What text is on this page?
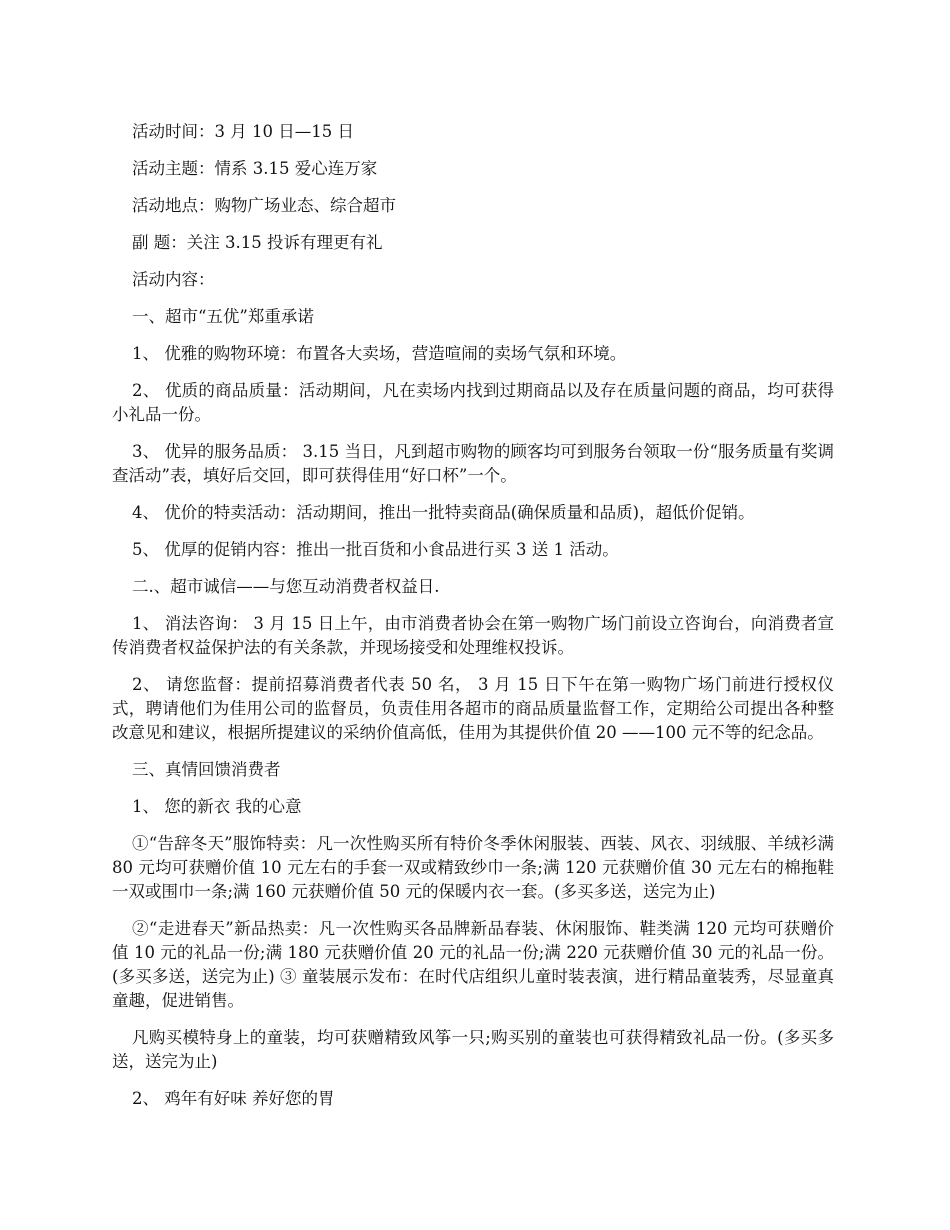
活动时间：3 月 10 日—15 日

活动主题：情系 3.15 爱心连万家

活动地点：购物广场业态、综合超市

副 题：关注 3.15 投诉有理更有礼

活动内容：

一、超市“五优”郑重承诺

1、 优雅的购物环境：布置各大卖场，营造喧闹的卖场气氛和环境。

2、 优质的商品质量：活动期间，凡在卖场内找到过期商品以及存在质量问题的商品，均可获得小礼品一份。

3、 优异的服务品质： 3.15 当日，凡到超市购物的顾客均可到服务台领取一份“服务质量有奖调查活动”表，填好后交回，即可获得佳用“好口杯”一个。

4、 优价的特卖活动：活动期间，推出一批特卖商品(确保质量和品质)，超低价促销。

5、 优厚的促销内容：推出一批百货和小食品进行买 3 送 1 活动。

二.、超市诚信——与您互动消费者权益日.

1、 消法咨询： 3 月 15 日上午，由市消费者协会在第一购物广场门前设立咨询台，向消费者宣传消费者权益保护法的有关条款，并现场接受和处理维权投诉。

2、 请您监督：提前招募消费者代表 50 名， 3 月 15 日下午在第一购物广场门前进行授权仪式，聘请他们为佳用公司的监督员，负责佳用各超市的商品质量监督工作，定期给公司提出各种整改意见和建议，根据所提建议的采纳价值高低，佳用为其提供价值 20 ——100 元不等的纪念品。

三、真情回馈消费者

1、 您的新衣 我的心意

①“告辞冬天”服饰特卖：凡一次性购买所有特价冬季休闲服装、西装、风衣、羽绒服、羊绒衫满 80 元均可获赠价值 10 元左右的手套一双或精致纱巾一条;满 120 元获赠价值 30 元左右的棉拖鞋一双或围巾一条;满 160 元获赠价值 50 元的保暖内衣一套。(多买多送，送完为止)

②“走进春天”新品热卖：凡一次性购买各品牌新品春装、休闲服饰、鞋类满 120 元均可获赠价值 10 元的礼品一份;满 180 元获赠价值 20 元的礼品一份;满 220 元获赠价值 30 元的礼品一份。(多买多送，送完为止) ③ 童装展示发布：在时代店组织儿童时装表演，进行精品童装秀，尽显童真童趣，促进销售。

凡购买模特身上的童装，均可获赠精致风筝一只;购买别的童装也可获得精致礼品一份。(多买多送，送完为止)

2、 鸡年有好味 养好您的胃
